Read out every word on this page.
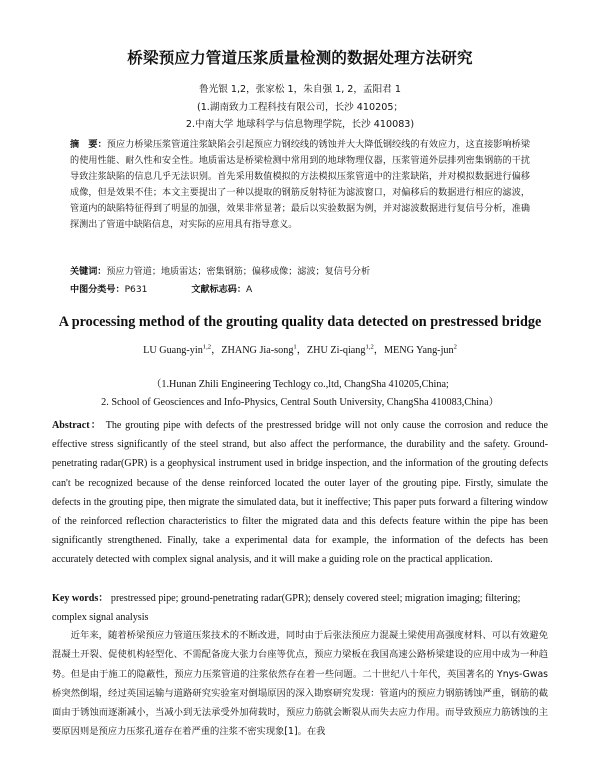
桥梁预应力管道压浆质量检测的数据处理方法研究
鲁光银 1,2，张家松 1，朱自强 1, 2，孟阳君 1
(1.湖南致力工程科技有限公司，长沙 410205；
2.中南大学 地球科学与信息物理学院，长沙 410083)
摘　要：预应力桥梁压浆管道注浆缺陷会引起预应力钢绞线的锈蚀并大大降低钢绞线的有效应力，这直接影响桥梁的使用性能、耐久性和安全性。地质雷达是桥梁检测中常用到的地球物理仪器，压浆管道外层排列密集钢筋的干扰导致注浆缺陷的信息几乎无法识别。首先采用数值模拟的方法模拟压浆管道中的注浆缺陷，并对模拟数据进行偏移成像，但是效果不佳；本文主要提出了一种以提取的钢筋反射特征为滤波窗口，对偏移后的数据进行相应的滤波，管道内的缺陷特征得到了明显的加强，效果非常显著；最后以实验数据为例，并对滤波数据进行复信号分析，准确探测出了管道中缺陷信息，对实际的应用具有指导意义。
关键词：预应力管道；地质雷达；密集钢筋；偏移成像；滤波；复信号分析
中图分类号：P631	文献标志码：A
A processing method of the grouting quality data detected on prestressed bridge
LU Guang-yin$^{1,2}$，ZHANG Jia-song$^1$，ZHU Zi-qiang$^{1,2}$，MENG Yang-jun$^2$
（1.Hunan Zhili Engineering Techlogy co.,ltd, ChangSha 410205,China;
2. School of Geosciences and Info-Physics, Central South University, ChangSha 410083,China）
Abstract： The grouting pipe with defects of the prestressed bridge will not only cause the corrosion and reduce the effective stress significantly of the steel strand, but also affect the performance, the durability and the safety. Ground-penetrating radar(GPR) is a geophysical instrument used in bridge inspection, and the information of the grouting defects can't be recognized because of the dense reinforced located the outer layer of the grouting pipe. Firstly, simulate the defects in the grouting pipe, then migrate the simulated data, but it ineffective; This paper puts forward a filtering window of the reinforced reflection characteristics to filter the migrated data and this defects feature within the pipe has been significantly strengthened. Finally, take a experimental data for example, the information of the defects has been accurately detected with complex signal analysis, and it will make a guiding role on the practical application.
Key words： prestressed pipe; ground-penetrating radar(GPR); densely covered steel; migration imaging; filtering; complex signal analysis
近年来，随着桥梁预应力管道压浆技术的不断改进，同时由于后张法预应力混凝土梁使用高强度材料、可以有效避免混凝土开裂、促使机构轻型化、不需配备庞大张力台座等优点，预应力梁板在我国高速公路桥梁建设的应用中成为一种趋势。但是由于施工的隐蔽性，预应力压浆管道的注浆依然存在着一些问题。二十世纪八十年代，英国著名的 Ynys-Gwas 桥突然倒塌，经过英国运输与道路研究实验室对倒塌原因的深入勘察研究发现：管道内的预应力钢筋锈蚀严重，钢筋的截面由于锈蚀而逐渐减小，当减小到无法承受外加荷载时，预应力筋就会断裂从而失去应力作用。而导致预应力筋锈蚀的主要原因则是预应力压浆孔道存在着严重的注浆不密实现象[1]。在我
